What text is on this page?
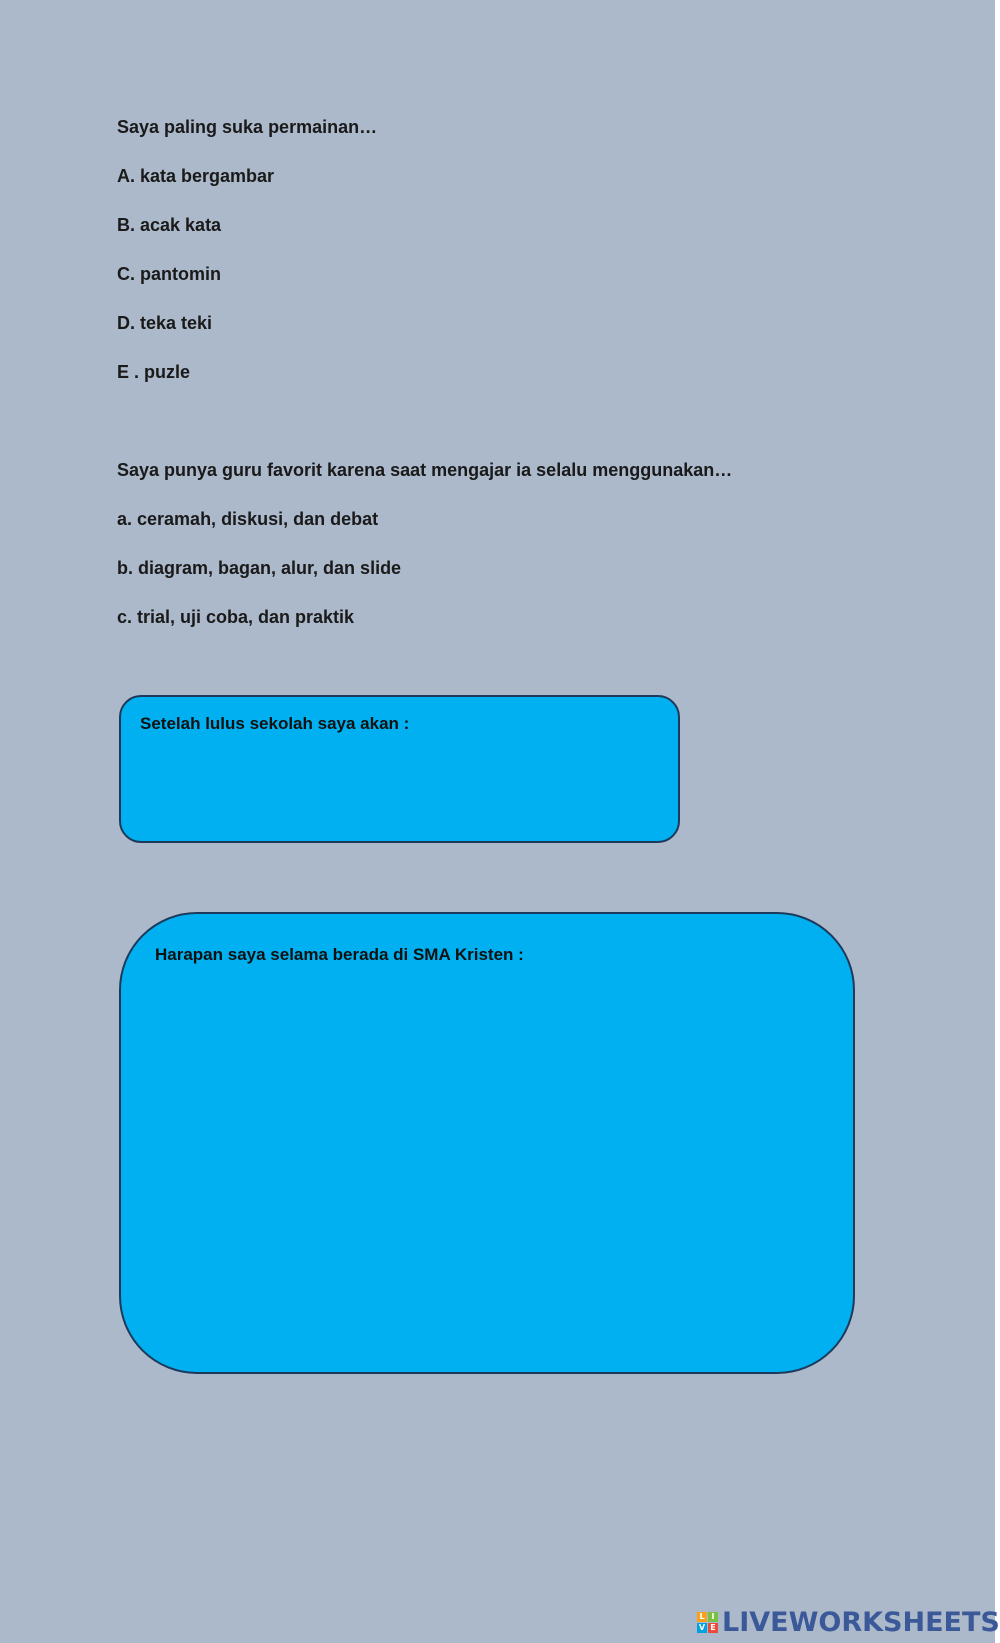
Saya paling suka permainan…
A. kata bergambar
B. acak kata
C. pantomin
D. teka teki
E . puzle
Saya punya guru favorit karena saat mengajar ia selalu menggunakan…
a. ceramah, diskusi, dan debat
b. diagram, bagan, alur, dan slide
c. trial, uji coba, dan praktik
Setelah lulus sekolah saya akan :
Harapan saya selama berada di SMA Kristen :
L I
V E LIVEWORKSHEETS
